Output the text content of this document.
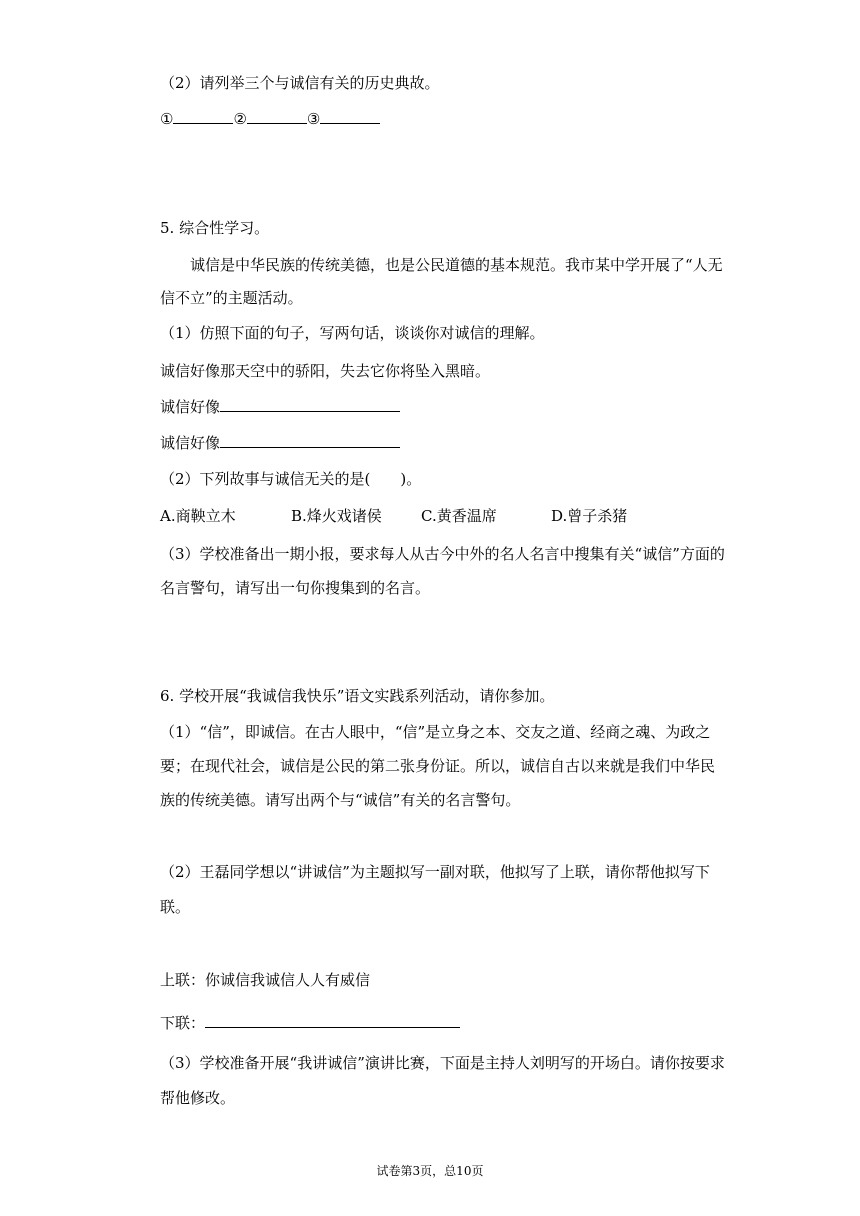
（2）请列举三个与诚信有关的历史典故。
①	②	③
5. 综合性学习。
诚信是中华民族的传统美德，也是公民道德的基本规范。我市某中学开展了“人无
信不立”的主题活动。
（1）仿照下面的句子，写两句话，谈谈你对诚信的理解。
诚信好像那天空中的骄阳，失去它你将坠入黑暗。
诚信好像
诚信好像
（2）下列故事与诚信无关的是(　　)。
A.商鞅立木	B.烽火戏诸侯	C.黄香温席	D.曾子杀猪
（3）学校准备出一期小报，要求每人从古今中外的名人名言中搜集有关“诚信”方面的
名言警句，请写出一句你搜集到的名言。
6. 学校开展“我诚信我快乐”语文实践系列活动，请你参加。
（1）“信”，即诚信。在古人眼中，“信”是立身之本、交友之道、经商之魂、为政之
要；在现代社会，诚信是公民的第二张身份证。所以，诚信自古以来就是我们中华民
族的传统美德。请写出两个与“诚信”有关的名言警句。
（2）王磊同学想以“讲诚信”为主题拟写一副对联，他拟写了上联，请你帮他拟写下
联。
上联：你诚信我诚信人人有威信
下联：
（3）学校准备开展“我讲诚信”演讲比赛，下面是主持人刘明写的开场白。请你按要求
帮他修改。
试卷第3页，总10页
